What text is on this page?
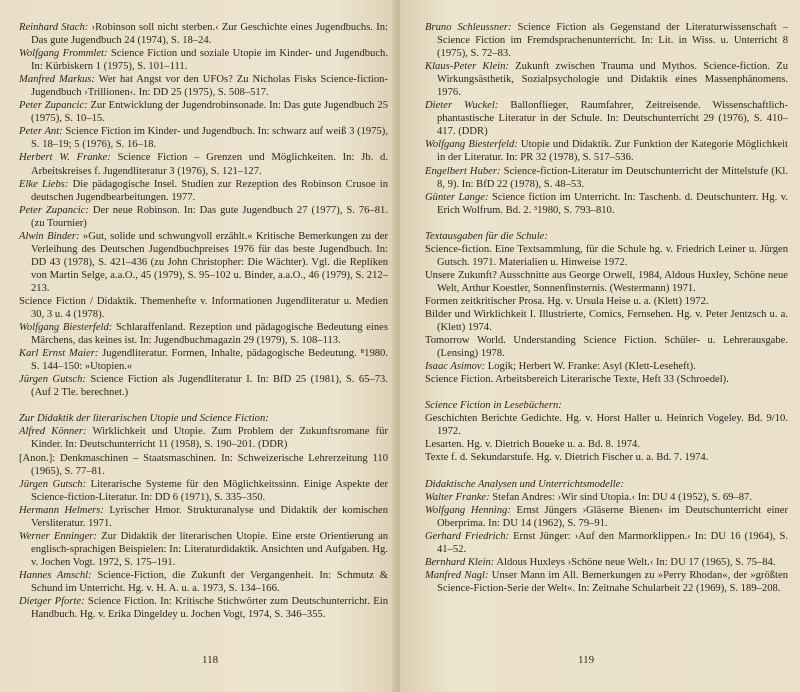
Reinhard Stach: ›Robinson soll nicht sterben.‹ Zur Geschichte eines Jugendbuchs. In: Das gute Jugendbuch 24 (1974), S. 18–24.

Wolfgang Frommlet: Science Fiction und soziale Utopie im Kinder- und Jugendbuch. In: Kürbiskern 1 (1975), S. 101–111.

Manfred Markus: Wer hat Angst vor den UFOs? Zu Nicholas Fisks Science-fiction-Jugendbuch ›Trillionen‹. In: DD 25 (1975), S. 508–517.

Peter Zupancic: Zur Entwicklung der Jugendrobinsonade. In: Das gute Jugendbuch 25 (1975), S. 10–15.

Peter Ant: Science Fiction im Kinder- und Jugendbuch. In: schwarz auf weiß 3 (1975), S. 18–19; 5 (1976), S. 16–18.

Herbert W. Franke: Science Fiction – Grenzen und Möglichkeiten. In: Jb. d. Arbeitskreises f. Jugendliteratur 3 (1976), S. 121–127.

Elke Liebs: Die pädagogische Insel. Studien zur Rezeption des Robinson Crusoe in deutschen Jugendbearbeitungen. 1977.

Peter Zupancic: Der neue Robinson. In: Das gute Jugendbuch 27 (1977), S. 76–81. (zu Tournier)

Alwin Binder: »Gut, solide und schwungvoll erzählt.« Kritische Bemerkungen zu der Verleihung des Deutschen Jugendbuchpreises 1976 für das beste Jugendbuch. In: DD 43 (1978), S. 421–436 (zu John Christopher: Die Wächter). Vgl. die Repliken von Martin Selge, a.a.O., 45 (1979), S. 95–102 u. Binder, a.a.O., 46 (1979), S. 212–213.

Science Fiction / Didaktik. Themenhefte v. Informationen Jugendliteratur u. Medien 30, 3 u. 4 (1978).

Wolfgang Biesterfeld: Schlaraffenland. Rezeption und pädagogische Bedeutung eines Märchens, das keines ist. In: Jugendbuchmagazin 29 (1979), S. 108–113.

Karl Ernst Maier: Jugendliteratur. Formen, Inhalte, pädagogische Bedeutung. ⁸1980. S. 144–150: »Utopien.«

Jürgen Gutsch: Science Fiction als Jugendliteratur I. In: BfD 25 (1981), S. 65–73. (Auf 2 Tle. berechnet.)

Zur Didaktik der literarischen Utopie und Science Fiction:

Alfred Könner: Wirklichkeit und Utopie. Zum Problem der Zukunftsromane für Kinder. In: Deutschunterricht 11 (1958), S. 190–201. (DDR)

[Anon.]: Denkmaschinen – Staatsmaschinen. In: Schweizerische Lehrerzeitung 110 (1965), S. 77–81.

Jürgen Gutsch: Literarische Systeme für den Möglichkeitssinn. Einige Aspekte der Science-fiction-Literatur. In: DD 6 (1971), S. 335–350.

Hermann Helmers: Lyrischer Hmor. Strukturanalyse und Didaktik der komischen Versliteratur. 1971.

Werner Enninger: Zur Didaktik der literarischen Utopie. Eine erste Orientierung an englisch-sprachigen Beispielen: In: Literaturdidaktik. Ansichten und Aufgaben. Hg. v. Jochen Vogt. 1972, S. 175–191.

Hannes Amschl: Science-Fiction, die Zukunft der Vergangenheit. In: Schmutz & Schund im Unterricht. Hg. v. H. A. u. a. 1973, S. 134–166.

Dietger Pforte: Science Fiction. In: Kritische Stichwörter zum Deutschunterricht. Ein Handbuch. Hg. v. Erika Dingeldey u. Jochen Vogt, 1974, S. 346–355.

118

Bruno Schleussner: Science Fiction als Gegenstand der Literaturwissenschaft – Science Fiction im Fremdsprachenunterricht. In: Lit. in Wiss. u. Unterricht 8 (1975), S. 72–83.

Klaus-Peter Klein: Zukunft zwischen Trauma und Mythos. Science-fiction. Zu Wirkungsästhetik, Sozialpsychologie und Didaktik eines Massenphänomens. 1976.

Dieter Wuckel: Ballonflieger, Raumfahrer, Zeitreisende. Wissenschaftlich-phantastische Literatur in der Schule. In: Deutschunterricht 29 (1976), S. 410–417. (DDR)

Wolfgang Biesterfeld: Utopie und Didaktik. Zur Funktion der Kategorie Möglichkeit in der Literatur. In: PR 32 (1978), S. 517–536.

Engelbert Huber: Science-fiction-Literatur im Deutschunterricht der Mittelstufe (Kl. 8, 9). In: BfD 22 (1978), S. 48–53.

Günter Lange: Science fiction im Unterricht. In: Taschenb. d. Deutschunterr. Hg. v. Erich Wolfrum. Bd. 2. ³1980, S. 793–810.

Textausgaben für die Schule:

Science-fiction. Eine Textsammlung, für die Schule hg. v. Friedrich Leiner u. Jürgen Gutsch. 1971. Materialien u. Hinweise 1972.

Unsere Zukunft? Ausschnitte aus George Orwell, 1984, Aldous Huxley, Schöne neue Welt, Arthur Koestler, Sonnenfinsternis. (Westermann) 1971.

Formen zeitkritischer Prosa. Hg. v. Ursula Heise u. a. (Klett) 1972.

Bilder und Wirklichkeit I. Illustrierte, Comics, Fernsehen. Hg. v. Peter Jentzsch u. a. (Klett) 1974.

Tomorrow World. Understanding Science Fiction. Schüler- u. Lehrerausgabe. (Lensing) 1978.

Isaac Asimov: Logik; Herbert W. Franke: Asyl (Klett-Leseheft).

Science Fiction. Arbeitsbereich Literarische Texte, Heft 33 (Schroedel).

Science Fiction in Lesebüchern:

Geschichten Berichte Gedichte. Hg. v. Horst Haller u. Heinrich Vogeley. Bd. 9/10. 1972.

Lesarten. Hg. v. Dietrich Boueke u. a. Bd. 8. 1974.

Texte f. d. Sekundarstufe. Hg. v. Dietrich Fischer u. a. Bd. 7. 1974.

Didaktische Analysen und Unterrichtsmodelle:

Walter Franke: Stefan Andres: ›Wir sind Utopia.‹ In: DU 4 (1952), S. 69–87.

Wolfgang Henning: Ernst Jüngers ›Gläserne Bienen‹ im Deutschunterricht einer Oberprima. In: DU 14 (1962), S. 79–91.

Gerhard Friedrich: Ernst Jünger: ›Auf den Marmorklippen.‹ In: DU 16 (1964), S. 41–52.

Bernhard Klein: Aldous Huxleys ›Schöne neue Welt.‹ In: DU 17 (1965), S. 75–84.

Manfred Nagl: Unser Mann im All. Bemerkungen zu »Perry Rhodan«, der »größten Science-Fiction-Serie der Welt«. In: Zeitnahe Schularbeit 22 (1969), S. 189–208.

119
